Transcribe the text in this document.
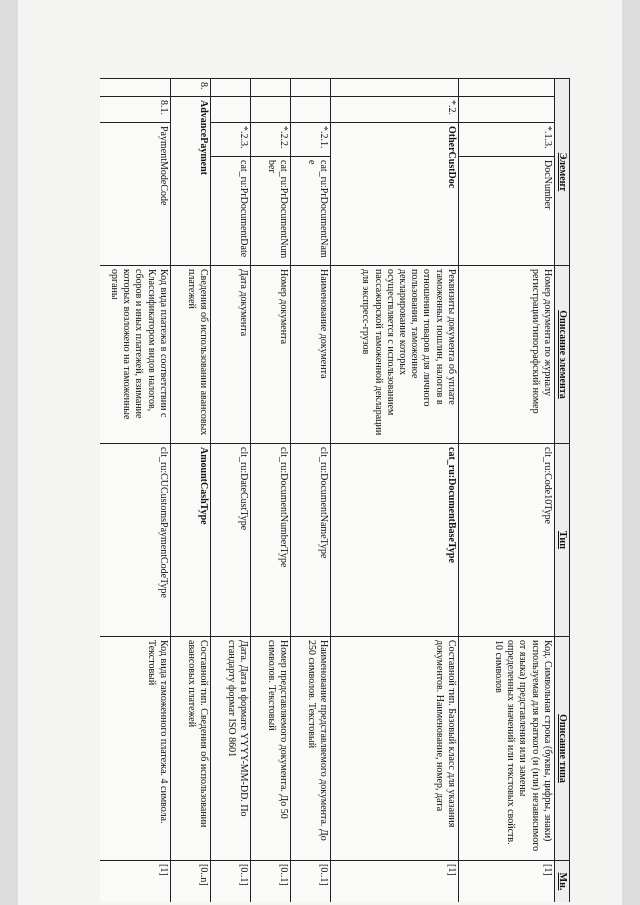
Элемент				Описание элемента	Тип	Описание типа	Мн.
		*.1.3.	DocNumber	Номер документа по журналу регистрации/типографский номер	clt_ru:Code10Type	Код. Символьная строка (буквы, цифры, знаки) используемая для краткого (и (или) независимого от языка) представления или замены определенных значений или текстовых свойств. 10 символов	[1]
	*.2.	OtherCustDoc		Реквизиты документа об уплате таможенных пошлин, налогов в отношении товаров для личного пользования, таможенное декларирование которых осуществляется с использованием пассажирской таможенной декларации для экспресс-грузов	cat_ru:DocumentBaseType	Составной тип. Базовый класс для указания документов. Наименование, номер, дата	[1]
		*.2.1.	cat_ru:PrDocumentName	Наименование документа	clt_ru:DocumentNameType	Наименование представляемого документа. До 250 символов. Текстовый	[0..1]
		*.2.2.	cat_ru:PrDocumentNumber	Номер документа	clt_ru:DocumentNumberType	Номер представляемого документа. До 50 символов. Текстовый	[0..1]
		*.2.3.	cat_ru:PrDocumentDate	Дата документа	clt_ru:DateCustType	Дата. Дата в формате YYYY-MM-DD. По стандарту формат ISO 8601	[0..1]
8.	AdvancePayment			Сведения об использовании авансовых платежей	AmountCashType	Составной тип. Сведения об использовании авансовых платежей	[0..n]
	8.1.	PaymentModeCode		Код вида платежа в соответствии с Классификатором видов налогов, сборов и иных платежей, взимание которых возложено на таможенные органы	clt_ru:CUCustomsPaymentCodeType	Код вида таможенного платежа. 4 символа. Текстовый	[1]
